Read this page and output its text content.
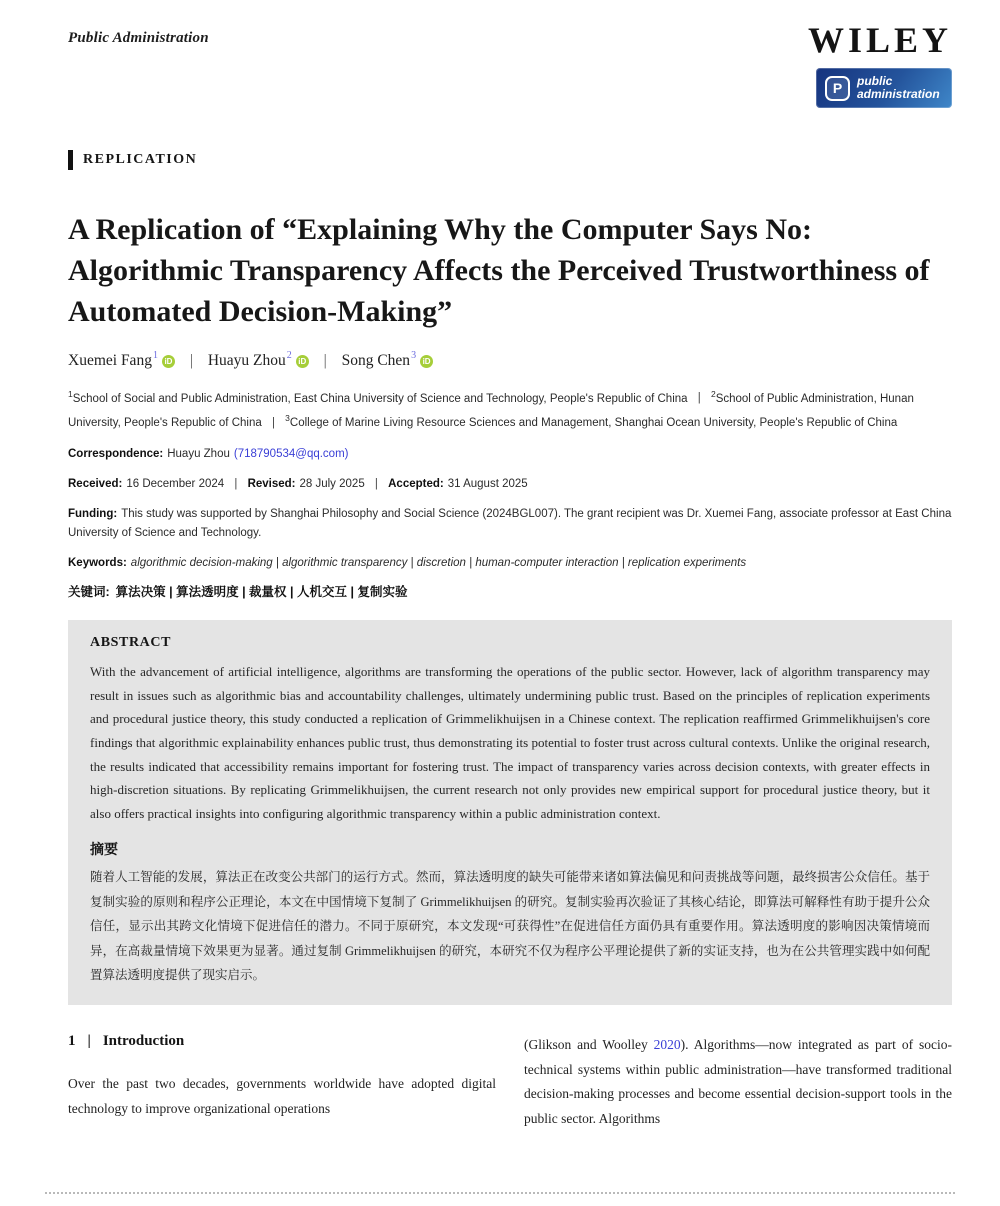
Public Administration	WILEY
P	public
administration
REPLICATION
A Replication of “Explaining Why the Computer Says No: Algorithmic Transparency Affects the Perceived Trustworthiness of Automated Decision-Making”
Xuemei Fang$^1$ iD | Huayu Zhou$^2$ iD | Song Chen$^3$ iD

$^1$School of Social and Public Administration, East China University of Science and Technology, People's Republic of China | $^2$School of Public Administration, Hunan University, People's Republic of China | $^3$College of Marine Living Resource Sciences and Management, Shanghai Ocean University, People's Republic of China

Correspondence: Huayu Zhou (718790534@qq.com)

Received: 16 December 2024 | Revised: 28 July 2025 | Accepted: 31 August 2025

Funding: This study was supported by Shanghai Philosophy and Social Science (2024BGL007). The grant recipient was Dr. Xuemei Fang, associate professor at East China University of Science and Technology.

Keywords: algorithmic decision-making | algorithmic transparency | discretion | human-computer interaction | replication experiments

关键词: 算法决策 | 算法透明度 | 裁量权 | 人机交互 | 复制实验

ABSTRACT

With the advancement of artificial intelligence, algorithms are transforming the operations of the public sector. However, lack of algorithm transparency may result in issues such as algorithmic bias and accountability challenges, ultimately undermining public trust. Based on the principles of replication experiments and procedural justice theory, this study conducted a replication of Grimmelikhuijsen in a Chinese context. The replication reaffirmed Grimmelikhuijsen's core findings that algorithmic explainability enhances public trust, thus demonstrating its potential to foster trust across cultural contexts. Unlike the original research, the results indicated that accessibility remains important for fostering trust. The impact of transparency varies across decision contexts, with greater effects in high-discretion situations. By replicating Grimmelikhuijsen, the current research not only provides new empirical support for procedural justice theory, but it also offers practical insights into configuring algorithmic transparency within a public administration context.

摘要

随着人工智能的发展，算法正在改变公共部门的运行方式。然而，算法透明度的缺失可能带来诸如算法偏见和问责挑战等问题，最终损害公众信任。基于复制实验的原则和程序公正理论，本文在中国情境下复制了 Grimmelikhuijsen 的研究。复制实验再次验证了其核心结论，即算法可解释性有助于提升公众信任，显示出其跨文化情境下促进信任的潜力。不同于原研究，本文发现“可获得性”在促进信任方面仍具有重要作用。算法透明度的影响因决策情境而异，在高裁量情境下效果更为显著。通过复制 Grimmelikhuijsen 的研究，本研究不仅为程序公平理论提供了新的实证支持，也为在公共管理实践中如何配置算法透明度提供了现实启示。

1 | Introduction

Over the past two decades, governments worldwide have adopted digital technology to improve organizational operations

(Glikson and Woolley 2020). Algorithms—now integrated as part of socio-technical systems within public administration—have transformed traditional decision-making processes and become essential decision-support tools in the public sector. Algorithms
